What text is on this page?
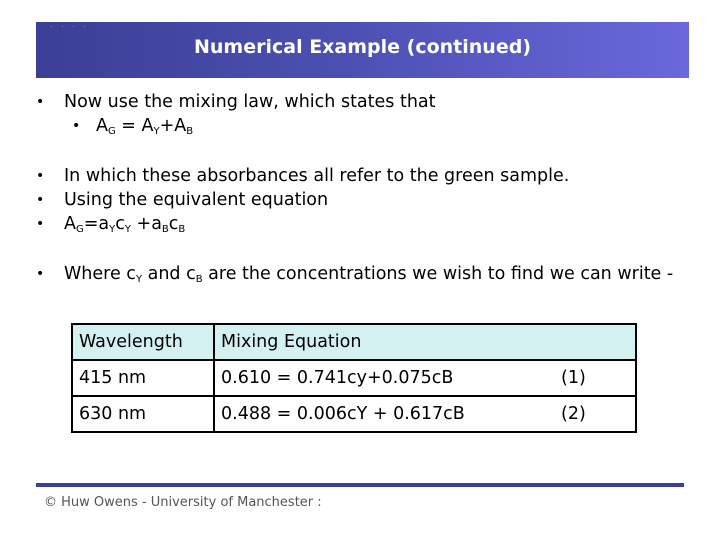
. . . .
Numerical Example (continued)
• Now use the mixing law, which states that
• $A_G = A_Y+A_B$
• In which these absorbances all refer to the green sample.
• Using the equivalent equation
• $A_G=a_Yc_Y +a_Bc_B$
• Where $c_Y$ and $c_B$ are the concentrations we wish to find we can write -
Wavelength	Mixing Equation	
415 nm	0.610 = 0.741cy+0.075cB	(1)
630 nm	0.488 = 0.006cY + 0.617cB	(2)
© Huw Owens - University of Manchester :
